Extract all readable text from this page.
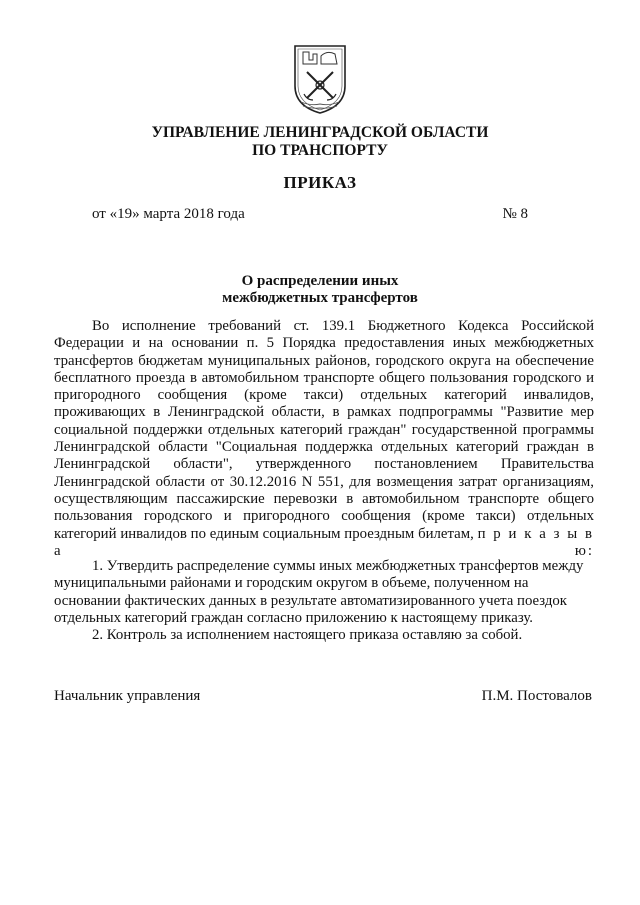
УПРАВЛЕНИЕ ЛЕНИНГРАДСКОЙ ОБЛАСТИ
ПО ТРАНСПОРТУ
ПРИКАЗ
от «19» марта 2018 года	№ 8
О распределении иных
межбюджетных трансфертов

Во исполнение требований ст. 139.1 Бюджетного Кодекса Российской

Федерации и на основании п. 5 Порядка предоставления иных межбюджетных

трансфертов бюджетам муниципальных районов, городского округа на обеспечение

бесплатного проезда в автомобильном транспорте общего пользования городского и

пригородного сообщения (кроме такси) отдельных категорий инвалидов,

проживающих в Ленинградской области, в рамках подпрограммы "Развитие мер

социальной поддержки отдельных категорий граждан" государственной программы

Ленинградской области "Социальная поддержка отдельных категорий граждан в

Ленинградской области", утвержденного постановлением Правительства

Ленинградской области от 30.12.2016 N 551, для возмещения затрат организациям,

осуществляющим пассажирские перевозки в автомобильном транспорте общего

пользования городского и пригородного сообщения (кроме такси) отдельных

категорий инвалидов по единым социальным проездным билетам, п р и к а з ы в а ю:

1. Утвердить распределение суммы иных межбюджетных трансфертов между

муниципальными районами и городским округом в объеме, полученном на

основании фактических данных в результате автоматизированного учета поездок

отдельных категорий граждан согласно приложению к настоящему приказу.

2. Контроль за исполнением настоящего приказа оставляю за собой.

Начальник управления	П.М. Постовалов
